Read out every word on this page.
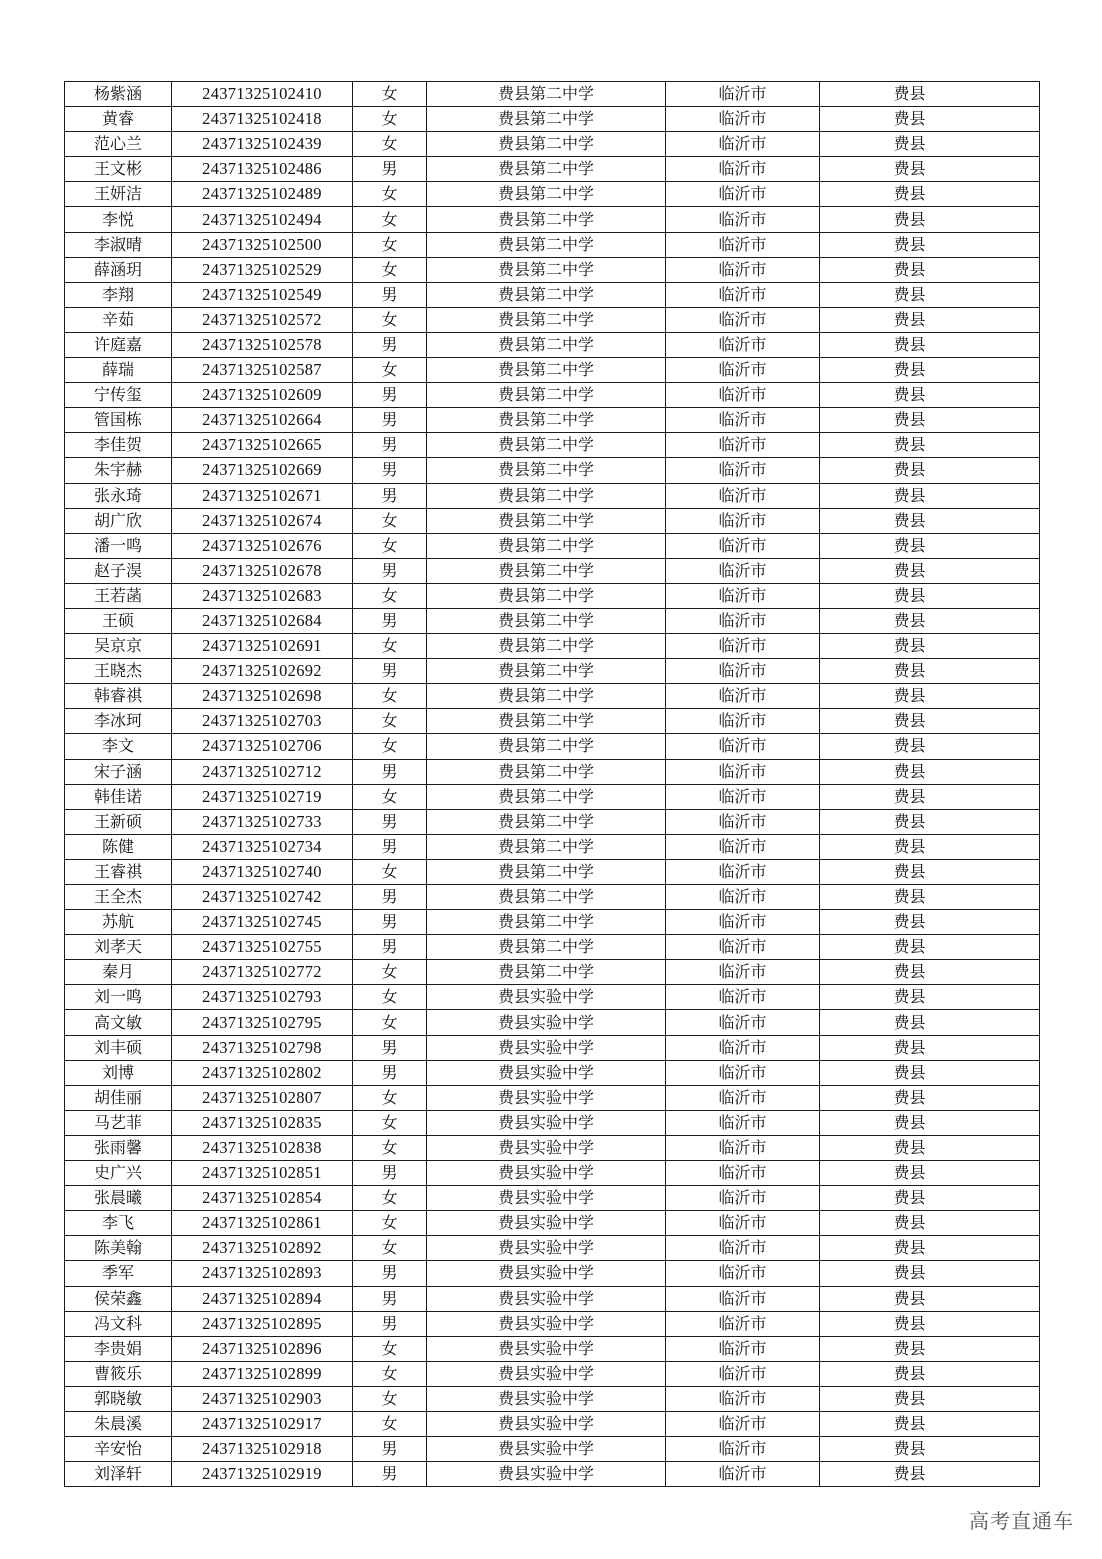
杨紫涵	24371325102410	女	费县第二中学	临沂市	费县
黄睿	24371325102418	女	费县第二中学	临沂市	费县
范心兰	24371325102439	女	费县第二中学	临沂市	费县
王文彬	24371325102486	男	费县第二中学	临沂市	费县
王妍洁	24371325102489	女	费县第二中学	临沂市	费县
李悦	24371325102494	女	费县第二中学	临沂市	费县
李淑晴	24371325102500	女	费县第二中学	临沂市	费县
薛涵玥	24371325102529	女	费县第二中学	临沂市	费县
李翔	24371325102549	男	费县第二中学	临沂市	费县
辛茹	24371325102572	女	费县第二中学	临沂市	费县
许庭嘉	24371325102578	男	费县第二中学	临沂市	费县
薛瑞	24371325102587	女	费县第二中学	临沂市	费县
宁传玺	24371325102609	男	费县第二中学	临沂市	费县
管国栋	24371325102664	男	费县第二中学	临沂市	费县
李佳贺	24371325102665	男	费县第二中学	临沂市	费县
朱宇赫	24371325102669	男	费县第二中学	临沂市	费县
张永琦	24371325102671	男	费县第二中学	临沂市	费县
胡广欣	24371325102674	女	费县第二中学	临沂市	费县
潘一鸣	24371325102676	女	费县第二中学	临沂市	费县
赵子淏	24371325102678	男	费县第二中学	临沂市	费县
王若菡	24371325102683	女	费县第二中学	临沂市	费县
王硕	24371325102684	男	费县第二中学	临沂市	费县
吴京京	24371325102691	女	费县第二中学	临沂市	费县
王晓杰	24371325102692	男	费县第二中学	临沂市	费县
韩睿祺	24371325102698	女	费县第二中学	临沂市	费县
李冰珂	24371325102703	女	费县第二中学	临沂市	费县
李文	24371325102706	女	费县第二中学	临沂市	费县
宋子涵	24371325102712	男	费县第二中学	临沂市	费县
韩佳诺	24371325102719	女	费县第二中学	临沂市	费县
王新硕	24371325102733	男	费县第二中学	临沂市	费县
陈健	24371325102734	男	费县第二中学	临沂市	费县
王睿祺	24371325102740	女	费县第二中学	临沂市	费县
王全杰	24371325102742	男	费县第二中学	临沂市	费县
苏航	24371325102745	男	费县第二中学	临沂市	费县
刘孝天	24371325102755	男	费县第二中学	临沂市	费县
秦月	24371325102772	女	费县第二中学	临沂市	费县
刘一鸣	24371325102793	女	费县实验中学	临沂市	费县
高文敏	24371325102795	女	费县实验中学	临沂市	费县
刘丰硕	24371325102798	男	费县实验中学	临沂市	费县
刘博	24371325102802	男	费县实验中学	临沂市	费县
胡佳丽	24371325102807	女	费县实验中学	临沂市	费县
马艺菲	24371325102835	女	费县实验中学	临沂市	费县
张雨馨	24371325102838	女	费县实验中学	临沂市	费县
史广兴	24371325102851	男	费县实验中学	临沂市	费县
张晨曦	24371325102854	女	费县实验中学	临沂市	费县
李飞	24371325102861	女	费县实验中学	临沂市	费县
陈美翰	24371325102892	女	费县实验中学	临沂市	费县
季军	24371325102893	男	费县实验中学	临沂市	费县
侯荣鑫	24371325102894	男	费县实验中学	临沂市	费县
冯文科	24371325102895	男	费县实验中学	临沂市	费县
李贵娟	24371325102896	女	费县实验中学	临沂市	费县
曹筱乐	24371325102899	女	费县实验中学	临沂市	费县
郭晓敏	24371325102903	女	费县实验中学	临沂市	费县
朱晨溪	24371325102917	女	费县实验中学	临沂市	费县
辛安怡	24371325102918	男	费县实验中学	临沂市	费县
刘泽轩	24371325102919	男	费县实验中学	临沂市	费县
高考直通车
